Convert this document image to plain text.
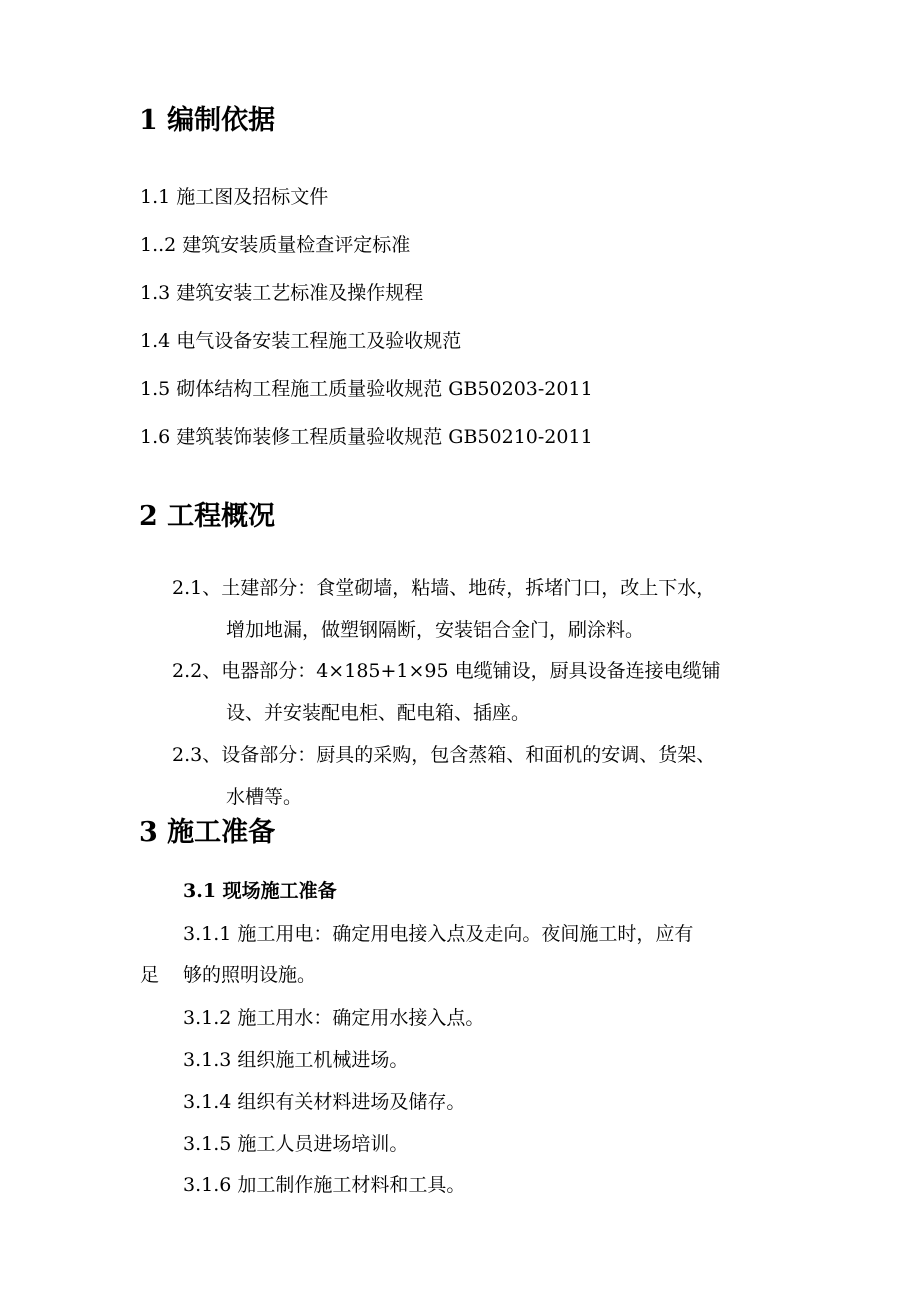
1 编制依据
1.1 施工图及招标文件
1..2 建筑安装质量检查评定标准
1.3 建筑安装工艺标准及操作规程
1.4 电气设备安装工程施工及验收规范
1.5 砌体结构工程施工质量验收规范 GB50203-2011
1.6 建筑装饰装修工程质量验收规范 GB50210-2011
2 工程概况
2.1、土建部分：食堂砌墙，粘墙、地砖，拆堵门口，改上下水，
增加地漏，做塑钢隔断，安装铝合金门，刷涂料。
2.2、电器部分：4×185+1×95 电缆铺设，厨具设备连接电缆铺
设、并安装配电柜、配电箱、插座。
2.3、设备部分：厨具的采购，包含蒸箱、和面机的安调、货架、
水槽等。
3 施工准备
3.1 现场施工准备
3.1.1 施工用电：确定用电接入点及走向。夜间施工时，应有
足 够的照明设施。
3.1.2 施工用水：确定用水接入点。
3.1.3 组织施工机械进场。
3.1.4 组织有关材料进场及储存。
3.1.5 施工人员进场培训。
3.1.6 加工制作施工材料和工具。
